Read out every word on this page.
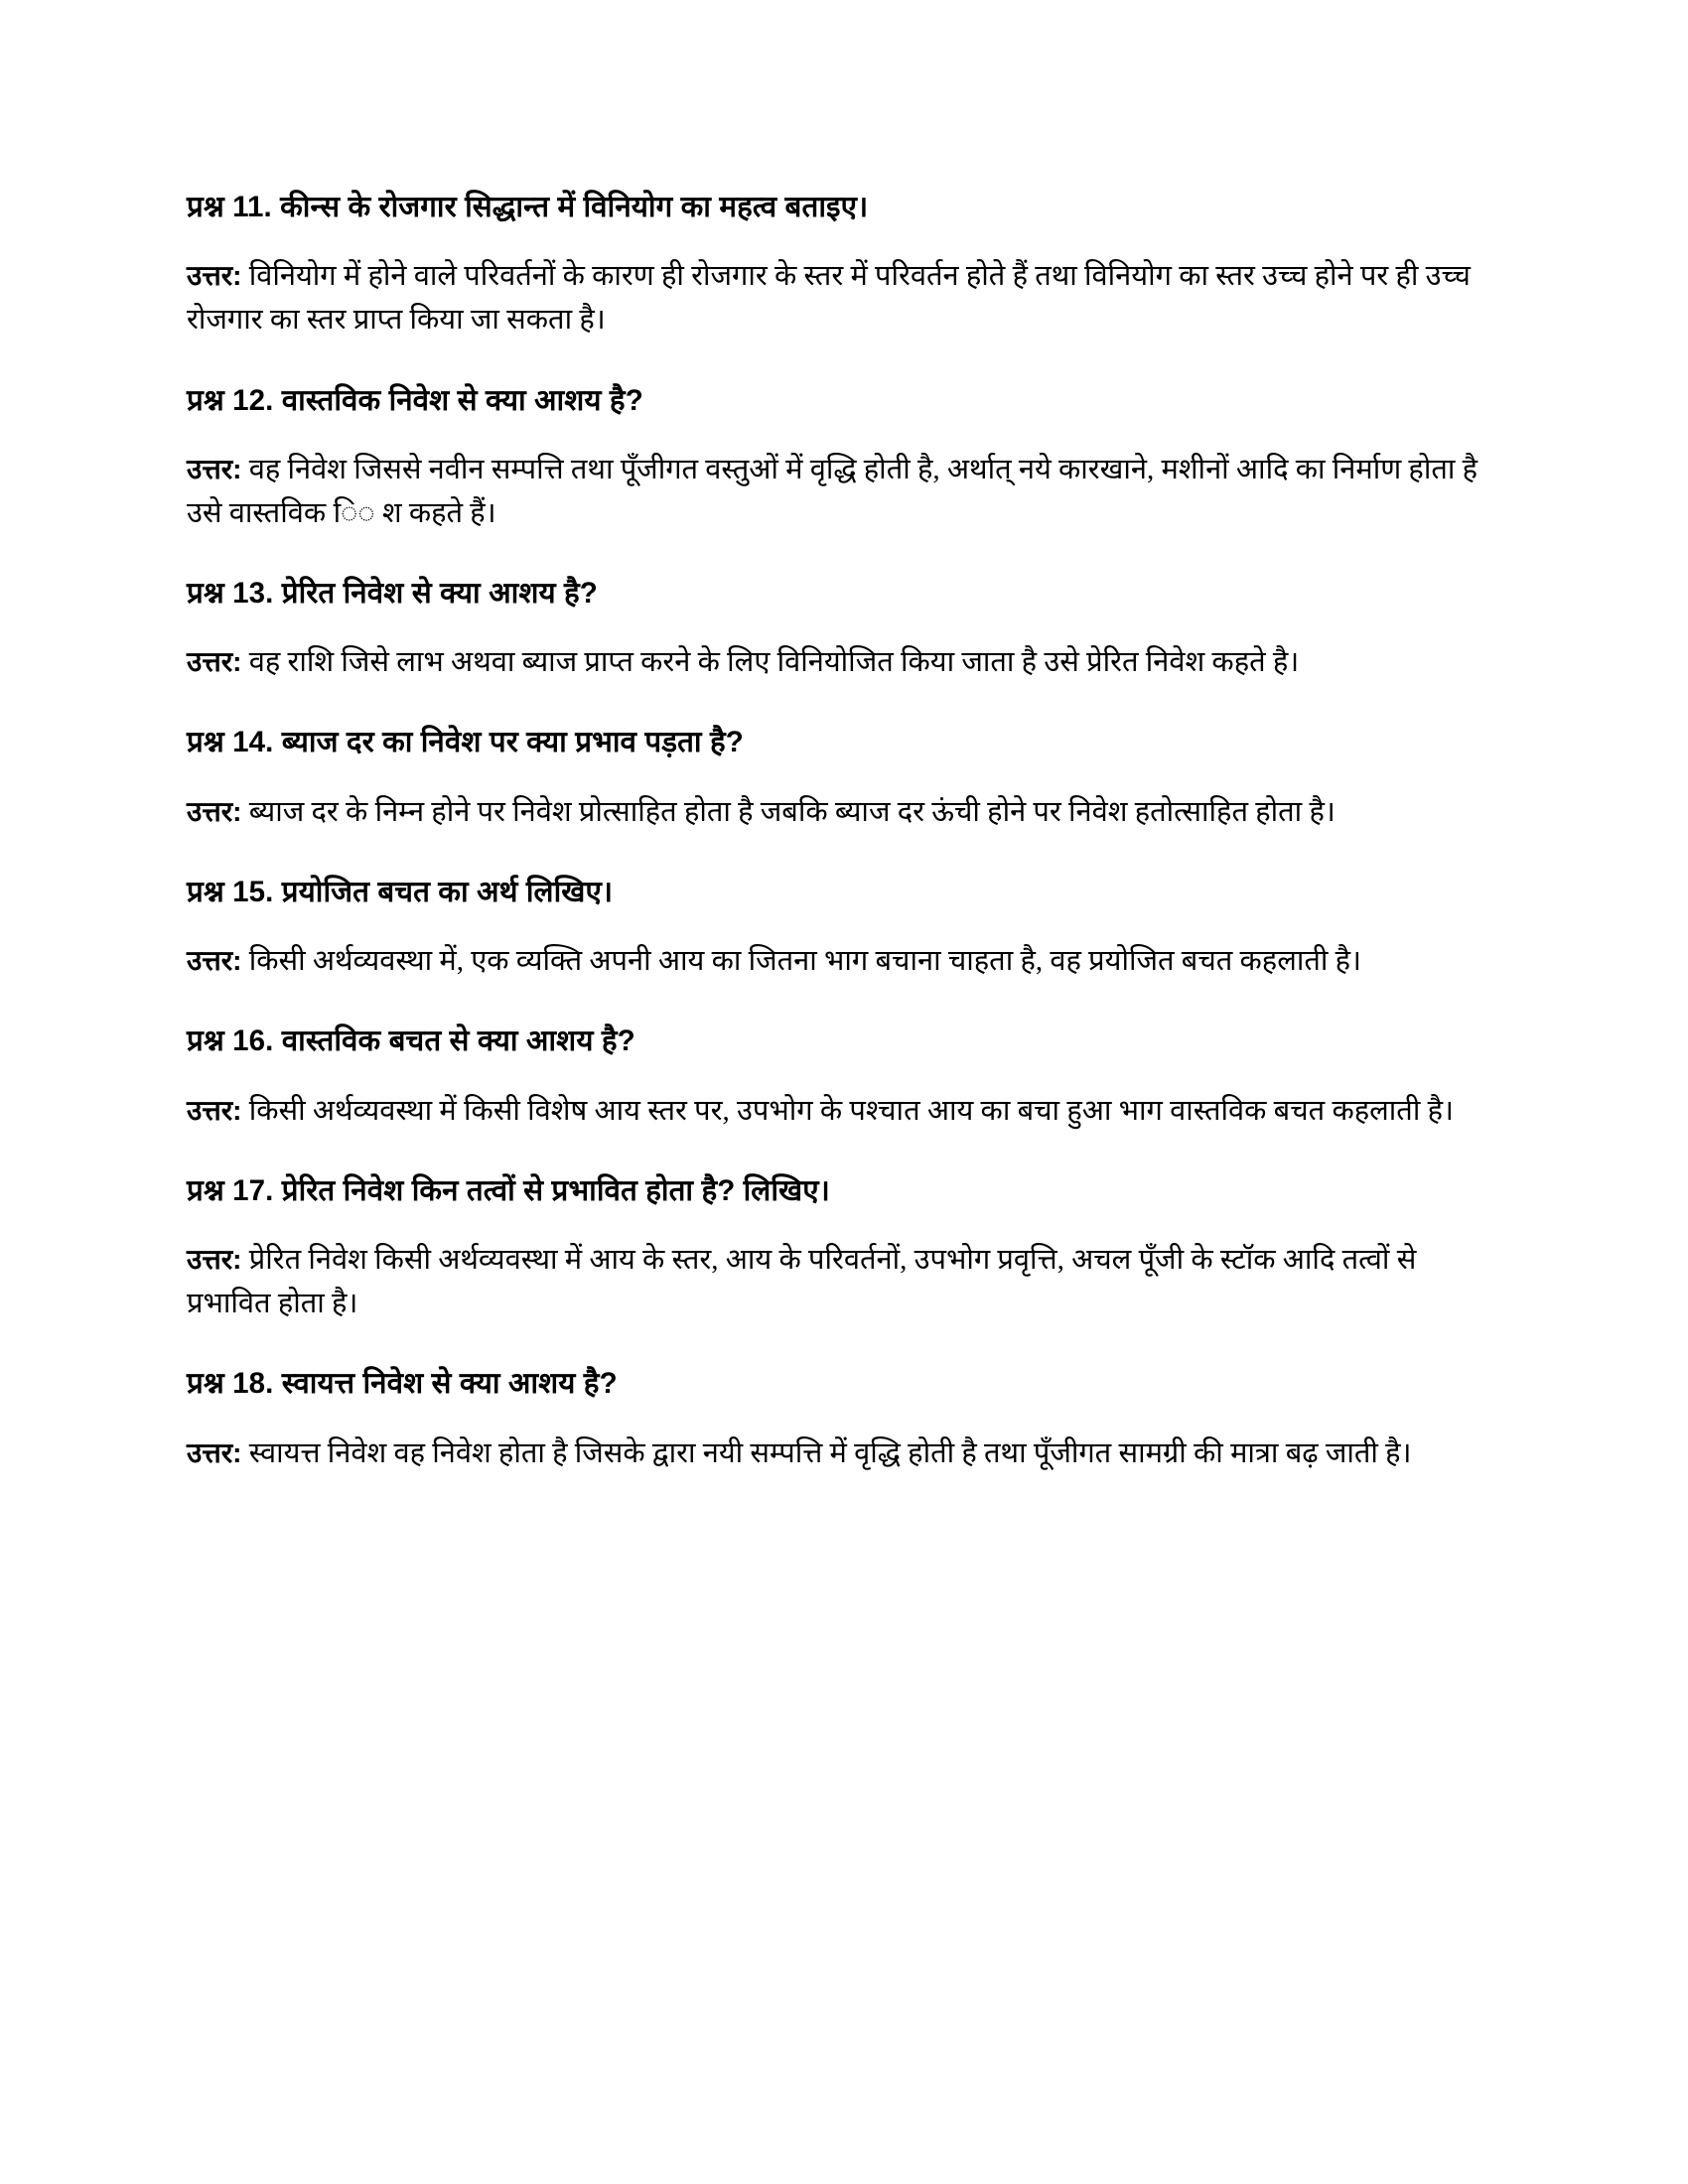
प्रश्न 11. कीन्स के रोजगार सिद्धान्त में विनियोग का महत्व बताइए।

उत्तर: विनियोग में होने वाले परिवर्तनों के कारण ही रोजगार के स्तर में परिवर्तन होते हैं तथा विनियोग का स्तर उच्च होने पर ही उच्च रोजगार का स्तर प्राप्त किया जा सकता है।

प्रश्न 12. वास्तविक निवेश से क्या आशय है?

उत्तर: वह निवेश जिससे नवीन सम्पत्ति तथा पूँजीगत वस्तुओं में वृद्धि होती है, अर्थात् नये कारखाने, मशीनों आदि का निर्माण होता है उसे वास्तविक ि◌ श कहते हैं।

प्रश्न 13. प्रेरित निवेश से क्या आशय है?

उत्तर: वह राशि जिसे लाभ अथवा ब्याज प्राप्त करने के लिए विनियोजित किया जाता है उसे प्रेरित निवेश कहते है।

प्रश्न 14. ब्याज दर का निवेश पर क्या प्रभाव पड़ता है?

उत्तर: ब्याज दर के निम्न होने पर निवेश प्रोत्साहित होता है जबकि ब्याज दर ऊंची होने पर निवेश हतोत्साहित होता है।

प्रश्न 15. प्रयोजित बचत का अर्थ लिखिए।

उत्तर: किसी अर्थव्यवस्था में, एक व्यक्ति अपनी आय का जितना भाग बचाना चाहता है, वह प्रयोजित बचत कहलाती है।

प्रश्न 16. वास्तविक बचत से क्या आशय है?

उत्तर: किसी अर्थव्यवस्था में किसी विशेष आय स्तर पर, उपभोग के पश्चात आय का बचा हुआ भाग वास्तविक बचत कहलाती है।

प्रश्न 17. प्रेरित निवेश किन तत्वों से प्रभावित होता है? लिखिए।

उत्तर: प्रेरित निवेश किसी अर्थव्यवस्था में आय के स्तर, आय के परिवर्तनों, उपभोग प्रवृत्ति, अचल पूँजी के स्टॉक आदि तत्वों से प्रभावित होता है।

प्रश्न 18. स्वायत्त निवेश से क्या आशय है?

उत्तर: स्वायत्त निवेश वह निवेश होता है जिसके द्वारा नयी सम्पत्ति में वृद्धि होती है तथा पूँजीगत सामग्री की मात्रा बढ़ जाती है।
